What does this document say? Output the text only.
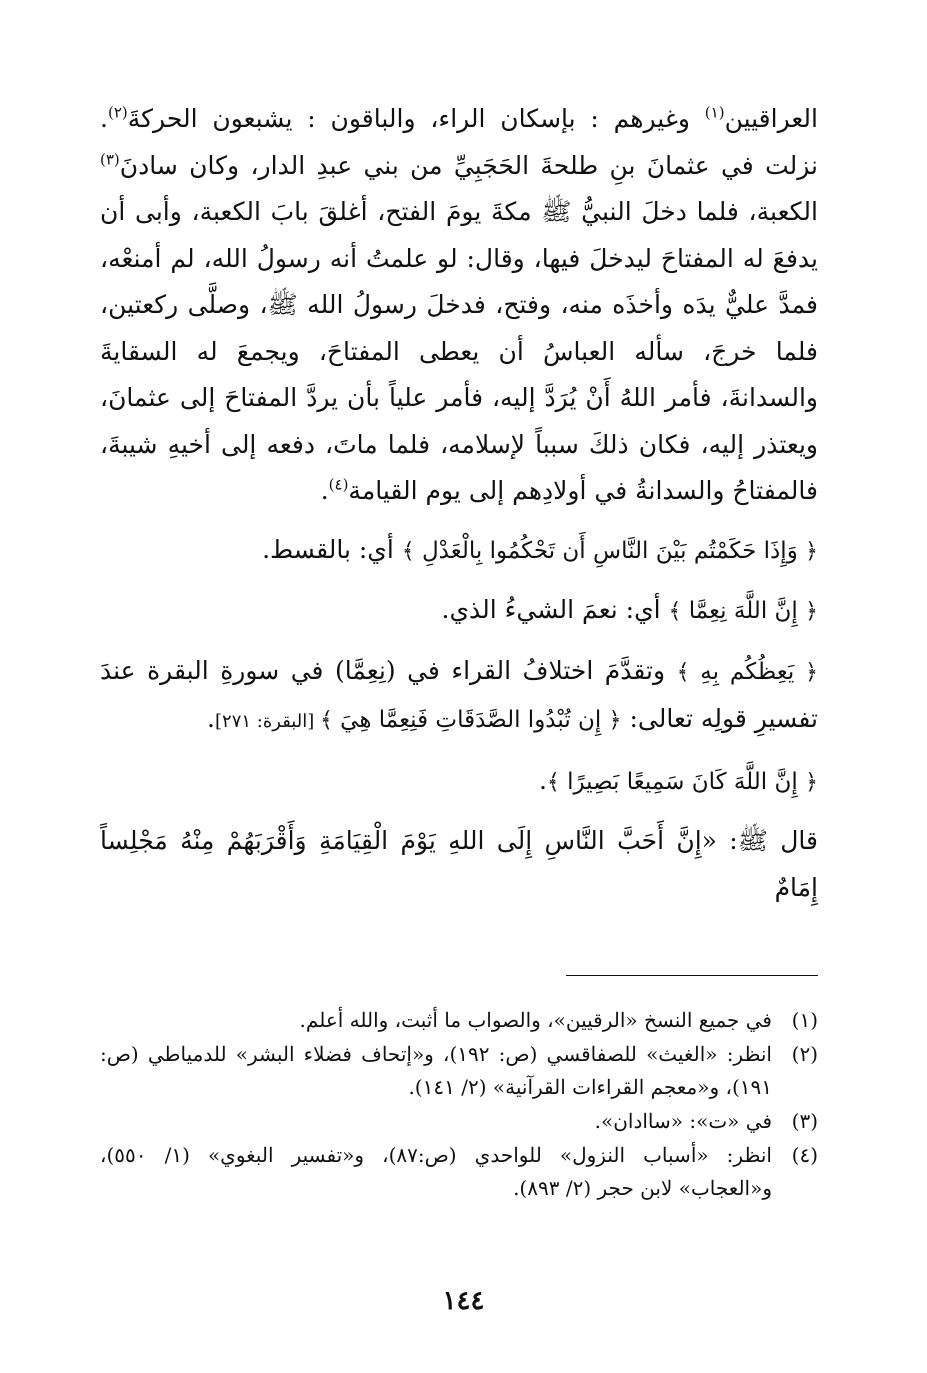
العراقيين$^{(١)}$ وغيرهم : بإسكان الراء، والباقون : يشبعون الحركةَ$^{(٢)}$. نزلت في عثمانَ بنِ طلحةَ الحَجَبِيِّ من بني عبدِ الدار، وكان سادنَ$^{(٣)}$ الكعبة، فلما دخلَ النبيُّ ﷺ مكةَ يومَ الفتح، أغلقَ بابَ الكعبة، وأبى أن يدفعَ له المفتاحَ ليدخلَ فيها، وقال: لو علمتُ أنه رسولُ الله، لم أمنعْه، فمدَّ عليٌّ يدَه وأخذَه منه، وفتح، فدخلَ رسولُ الله ﷺ، وصلَّى ركعتين، فلما خرجَ، سأله العباسُ أن يعطى المفتاحَ، ويجمعَ له السقايةَ والسدانةَ، فأمر اللهُ أَنْ يُرَدَّ إليه، فأمر علياً بأن يردَّ المفتاحَ إلى عثمانَ، ويعتذر إليه، فكان ذلكَ سبباً لإسلامه، فلما ماتَ، دفعه إلى أخيهِ شيبةَ، فالمفتاحُ والسدانةُ في أولادِهم إلى يوم القيامة$^{(٤)}$.

﴿ وَإِذَا حَكَمْتُم بَيْنَ النَّاسِ أَن تَحْكُمُوا بِالْعَدْلِ ﴾ أي: بالقسط.

﴿ إِنَّ اللَّهَ نِعِمَّا ﴾ أي: نعمَ الشيءُ الذي.

﴿ يَعِظُكُم بِهِ ﴾ وتقدَّمَ اختلافُ القراء في (نِعِمَّا) في سورةِ البقرة عندَ تفسيرِ قولِه تعالى: ﴿ إِن تُبْدُوا الصَّدَقَاتِ فَنِعِمَّا هِيَ ﴾ [البقرة: ٢٧١].

﴿ إِنَّ اللَّهَ كَانَ سَمِيعًا بَصِيرًا ﴾.

قال ﷺ: «إِنَّ أَحَبَّ النَّاسِ إِلَى اللهِ يَوْمَ الْقِيَامَةِ وَأَقْرَبَهُمْ مِنْهُ مَجْلِساً إِمَامٌ

(١)
في جميع النسخ «الرقيين»، والصواب ما أثبت، والله أعلم.
(٢)
انظر: «الغيث» للصفاقسي (ص: ١٩٢)، و«إتحاف فضلاء البشر» للدمياطي (ص: ١٩١)، و«معجم القراءات القرآنية» (٢/ ١٤١).
(٣)
في «ت»: «ساادان».
(٤)
انظر: «أسباب النزول» للواحدي (ص:٨٧)، و«تفسير البغوي» (١/ ٥٥٠)، و«العجاب» لابن حجر (٢/ ٨٩٣).
١٤٤
